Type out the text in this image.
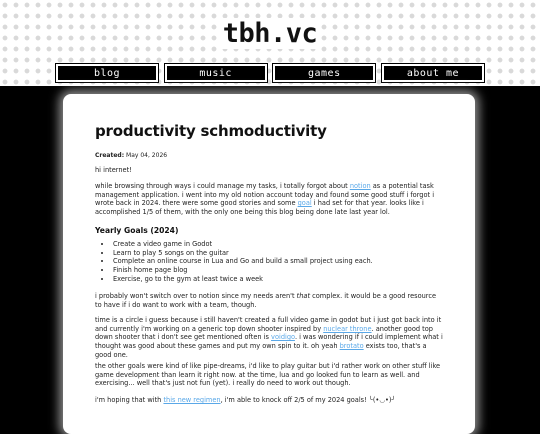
tbh.vc
blog	music	games	about me
productivity schmoductivity
Created: May 04, 2026
hi internet!
while browsing through ways i could manage my tasks, i totally forgot about notion as a potential task management application. i went into my old notion account today and found some good stuff i forgot i wrote back in 2024. there were some good stories and some goal i had set for that year. looks like i accomplished 1/5 of them, with the only one being this blog being done late last year lol.
Yearly Goals (2024)
• Create a video game in Godot
• Learn to play 5 songs on the guitar
• Complete an online course in Lua and Go and build a small project using each.
• Finish home page blog
• Exercise, go to the gym at least twice a week
i probably won't switch over to notion since my needs aren't that complex. it would be a good resource to have if i do want to work with a team, though.
time is a circle i guess because i still haven't created a full video game in godot but i just got back into it and currently i'm working on a generic top down shooter inspired by nuclear throne. another good top down shooter that i don't see get mentioned often is voidigo. i was wondering if i could implement what i thought was good about these games and put my own spin to it. oh yeah brotato exists too, that's a good one.
the other goals were kind of like pipe-dreams, i'd like to play guitar but i'd rather work on other stuff like game development than learn it right now. at the time, lua and go looked fun to learn as well. and exercising... well that's just not fun (yet). i really do need to work out though.
i'm hoping that with this new regimen, i'm able to knock off 2/5 of my 2024 goals! ╰(•◡•)╯
